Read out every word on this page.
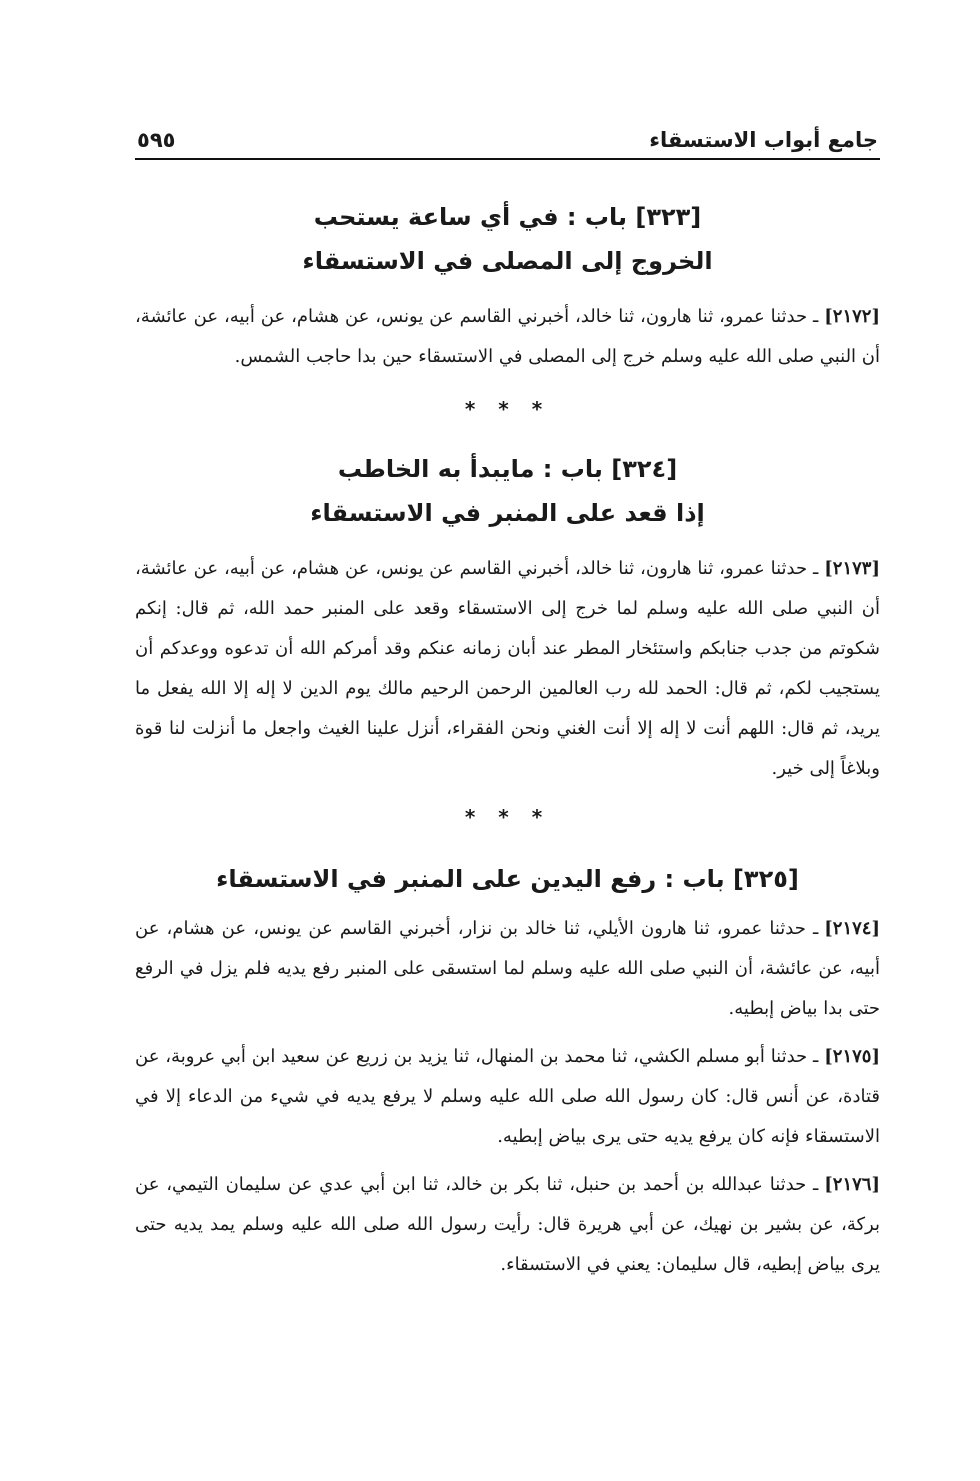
جامع أبواب الاستسقاء
٥٩٥

[٣٢٣] باب : في أي ساعة يستحب

الخروج إلى المصلى في الاستسقاء

[٢١٧٢]ـ حدثنا عمرو، ثنا هارون، ثنا خالد، أخبرني القاسم عن يونس، عن هشام، عن أبيه، عن عائشة، أن النبي صلى الله عليه وسلم خرج إلى المصلى في الاستسقاء حين بدا حاجب الشمس.

* * *

[٣٢٤] باب : مايبدأ به الخاطب

إذا قعد على المنبر في الاستسقاء

[٢١٧٣]ـ حدثنا عمرو، ثنا هارون، ثنا خالد، أخبرني القاسم عن يونس، عن هشام، عن أبيه، عن عائشة، أن النبي صلى الله عليه وسلم لما خرج إلى الاستسقاء وقعد على المنبر حمد الله، ثم قال: إنكم شكوتم من جدب جنابكم واستئخار المطر عند أبان زمانه عنكم وقد أمركم الله أن تدعوه ووعدكم أن يستجيب لكم، ثم قال: الحمد لله رب العالمين الرحمن الرحيم مالك يوم الدين لا إله إلا الله يفعل ما يريد، ثم قال: اللهم أنت لا إله إلا أنت الغني ونحن الفقراء، أنزل علينا الغيث واجعل ما أنزلت لنا قوة وبلاغاً إلى خير.

* * *

[٣٢٥] باب : رفع اليدين على المنبر في الاستسقاء

[٢١٧٤]ـ حدثنا عمرو، ثنا هارون الأيلي، ثنا خالد بن نزار، أخبرني القاسم عن يونس، عن هشام، عن أبيه، عن عائشة، أن النبي صلى الله عليه وسلم لما استسقى على المنبر رفع يديه فلم يزل في الرفع حتى بدا بياض إبطيه.

[٢١٧٥]ـ حدثنا أبو مسلم الكشي، ثنا محمد بن المنهال، ثنا يزيد بن زريع عن سعيد ابن أبي عروبة، عن قتادة، عن أنس قال: كان رسول الله صلى الله عليه وسلم لا يرفع يديه في شيء من الدعاء إلا في الاستسقاء فإنه كان يرفع يديه حتى يرى بياض إبطيه.

[٢١٧٦]ـ حدثنا عبدالله بن أحمد بن حنبل، ثنا بكر بن خالد، ثنا ابن أبي عدي عن سليمان التيمي، عن بركة، عن بشير بن نهيك، عن أبي هريرة قال: رأيت رسول الله صلى الله عليه وسلم يمد يديه حتى يرى بياض إبطيه، قال سليمان: يعني في الاستسقاء.
